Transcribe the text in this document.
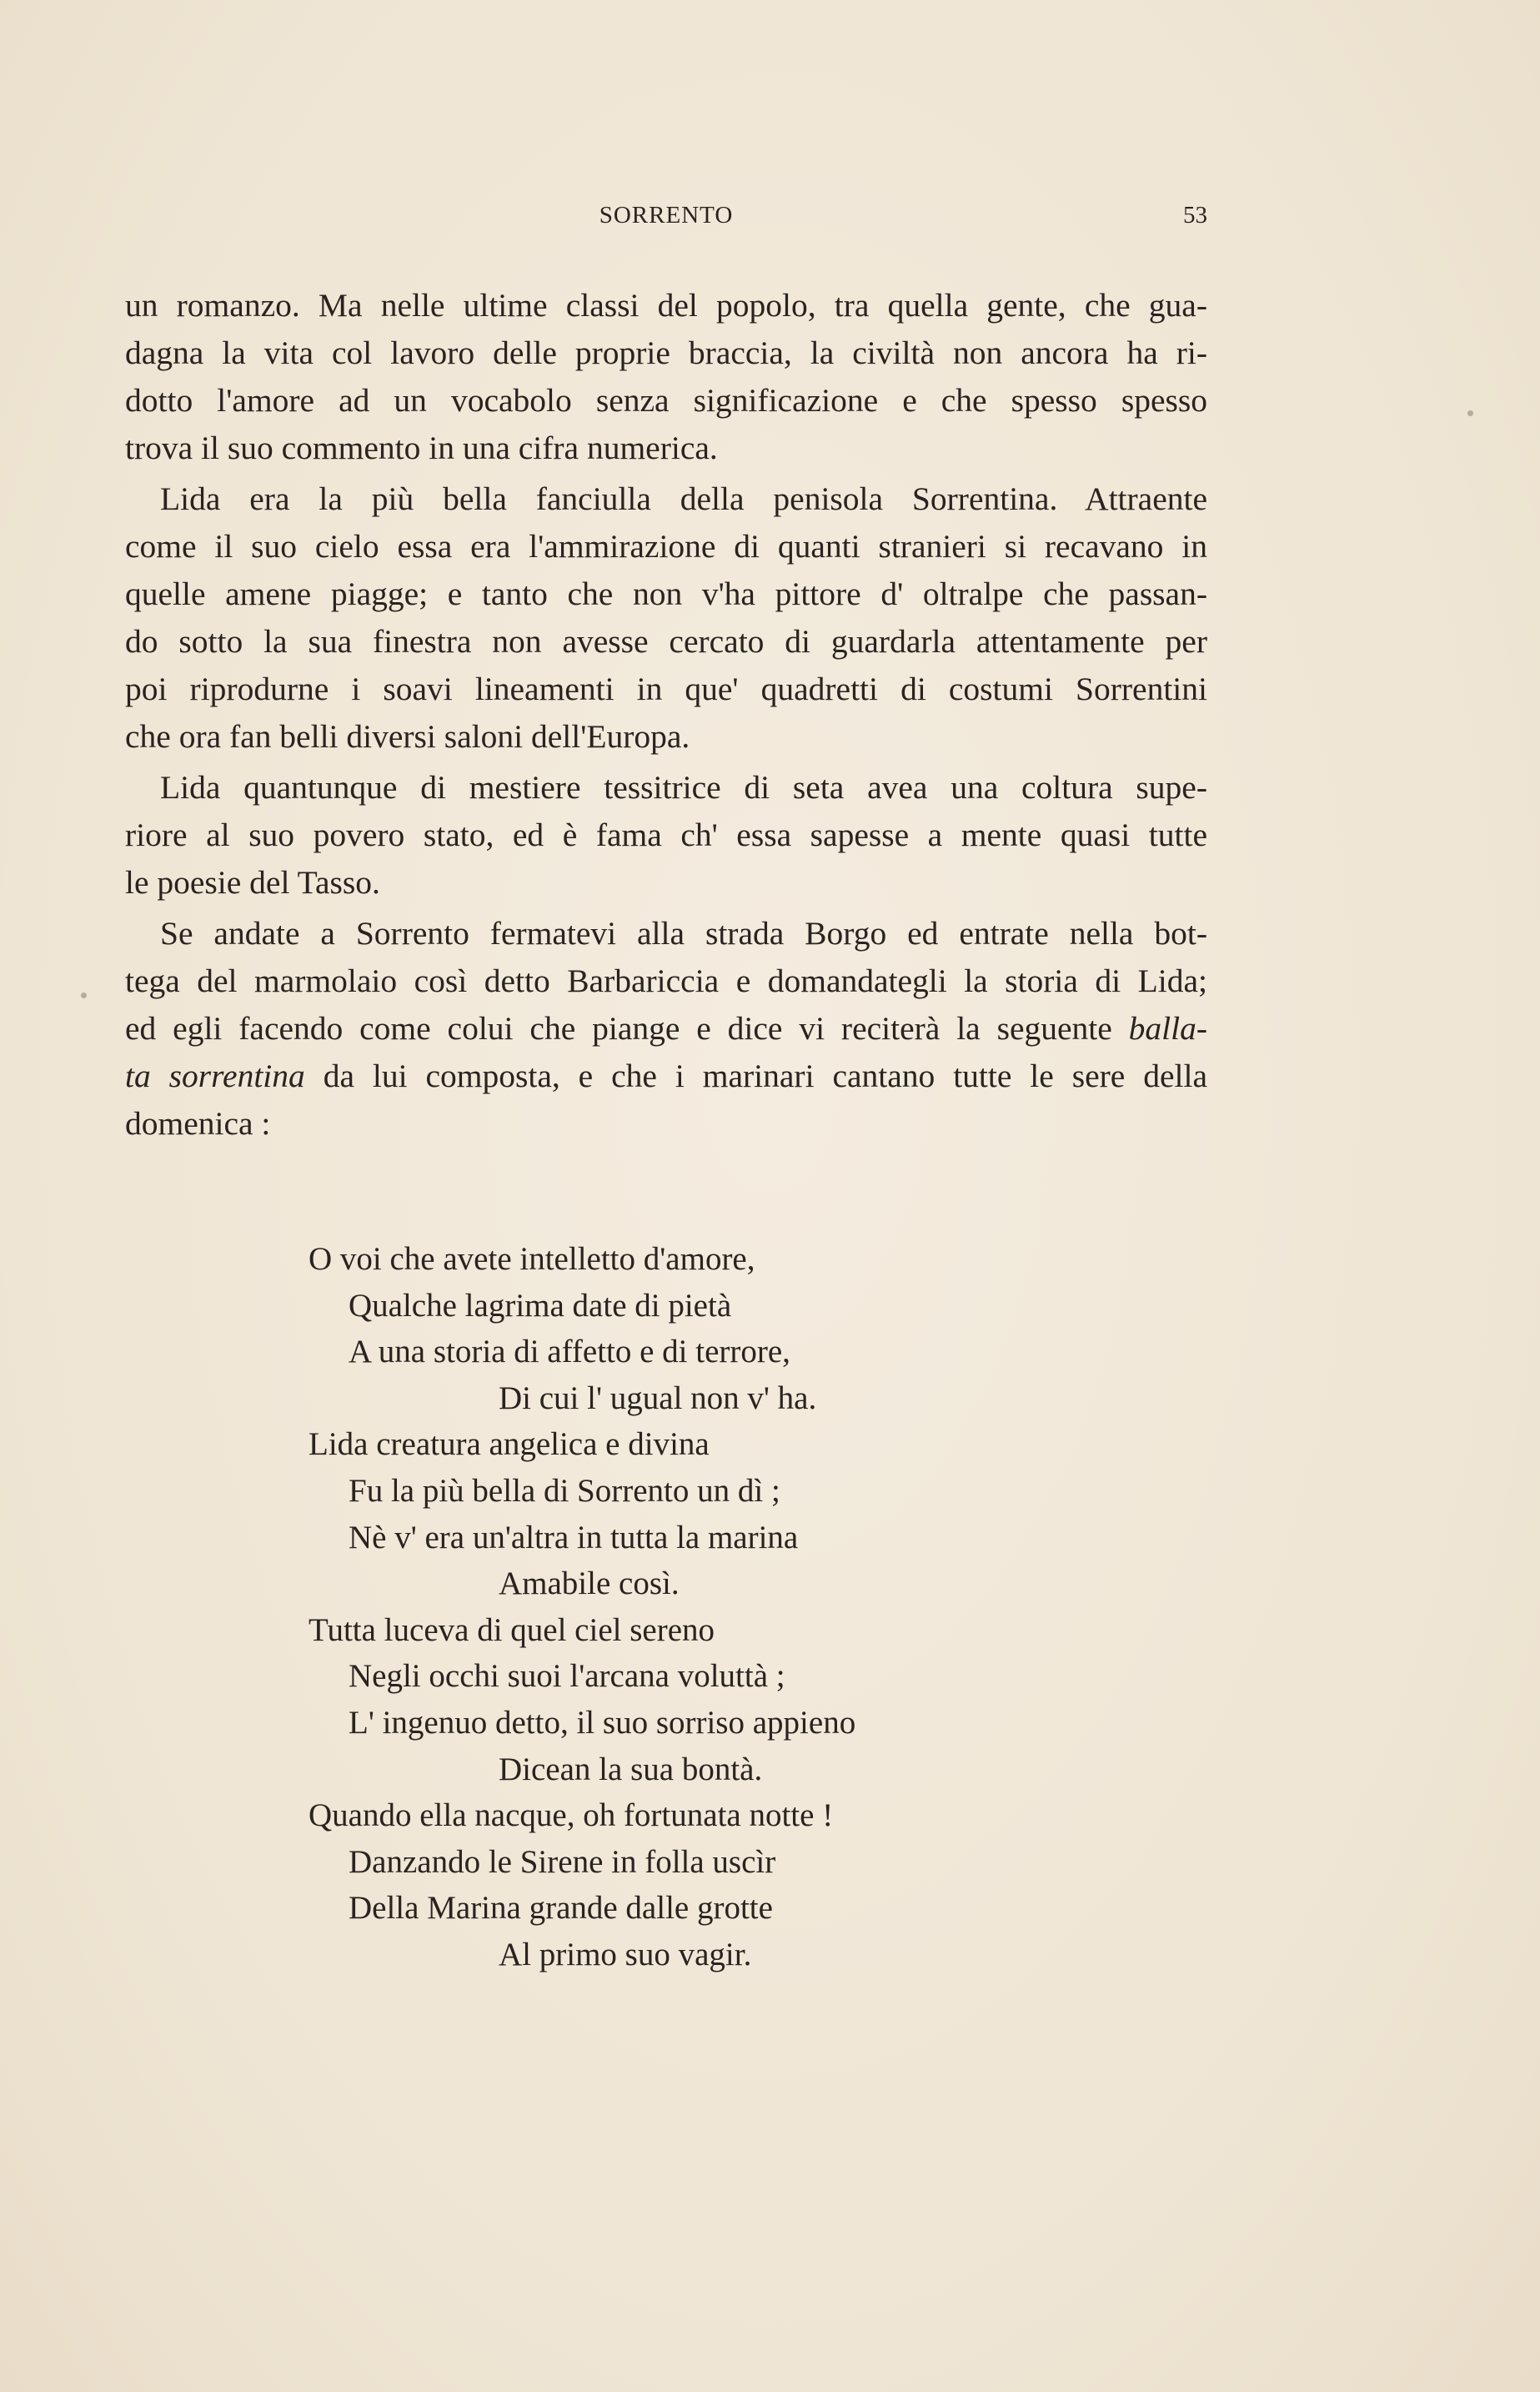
SORRENTO	53
un romanzo. Ma nelle ultime classi del popolo, tra quella gente, che gua-
dagna la vita col lavoro delle proprie braccia, la civiltà non ancora ha ri-
dotto l'amore ad un vocabolo senza significazione e che spesso spesso
trova il suo commento in una cifra numerica.
Lida era la più bella fanciulla della penisola Sorrentina. Attraente
come il suo cielo essa era l'ammirazione di quanti stranieri si recavano in
quelle amene piagge; e tanto che non v'ha pittore d' oltralpe che passan-
do sotto la sua finestra non avesse cercato di guardarla attentamente per
poi riprodurne i soavi lineamenti in que' quadretti di costumi Sorrentini
che ora fan belli diversi saloni dell'Europa.
Lida quantunque di mestiere tessitrice di seta avea una coltura supe-
riore al suo povero stato, ed è fama ch' essa sapesse a mente quasi tutte
le poesie del Tasso.
Se andate a Sorrento fermatevi alla strada Borgo ed entrate nella bot-
tega del marmolaio così detto Barbariccia e domandategli la storia di Lida;
ed egli facendo come colui che piange e dice vi reciterà la seguente balla-
ta sorrentina da lui composta, e che i marinari cantano tutte le sere della
domenica :
O voi che avete intelletto d'amore,
Qualche lagrima date di pietà
A una storia di affetto e di terrore,
Di cui l' ugual non v' ha.
Lida creatura angelica e divina
Fu la più bella di Sorrento un dì ;
Nè v' era un'altra in tutta la marina
Amabile così.
Tutta luceva di quel ciel sereno
Negli occhi suoi l'arcana voluttà ;
L' ingenuo detto, il suo sorriso appieno
Dicean la sua bontà.
Quando ella nacque, oh fortunata notte !
Danzando le Sirene in folla uscìr
Della Marina grande dalle grotte
Al primo suo vagir.
